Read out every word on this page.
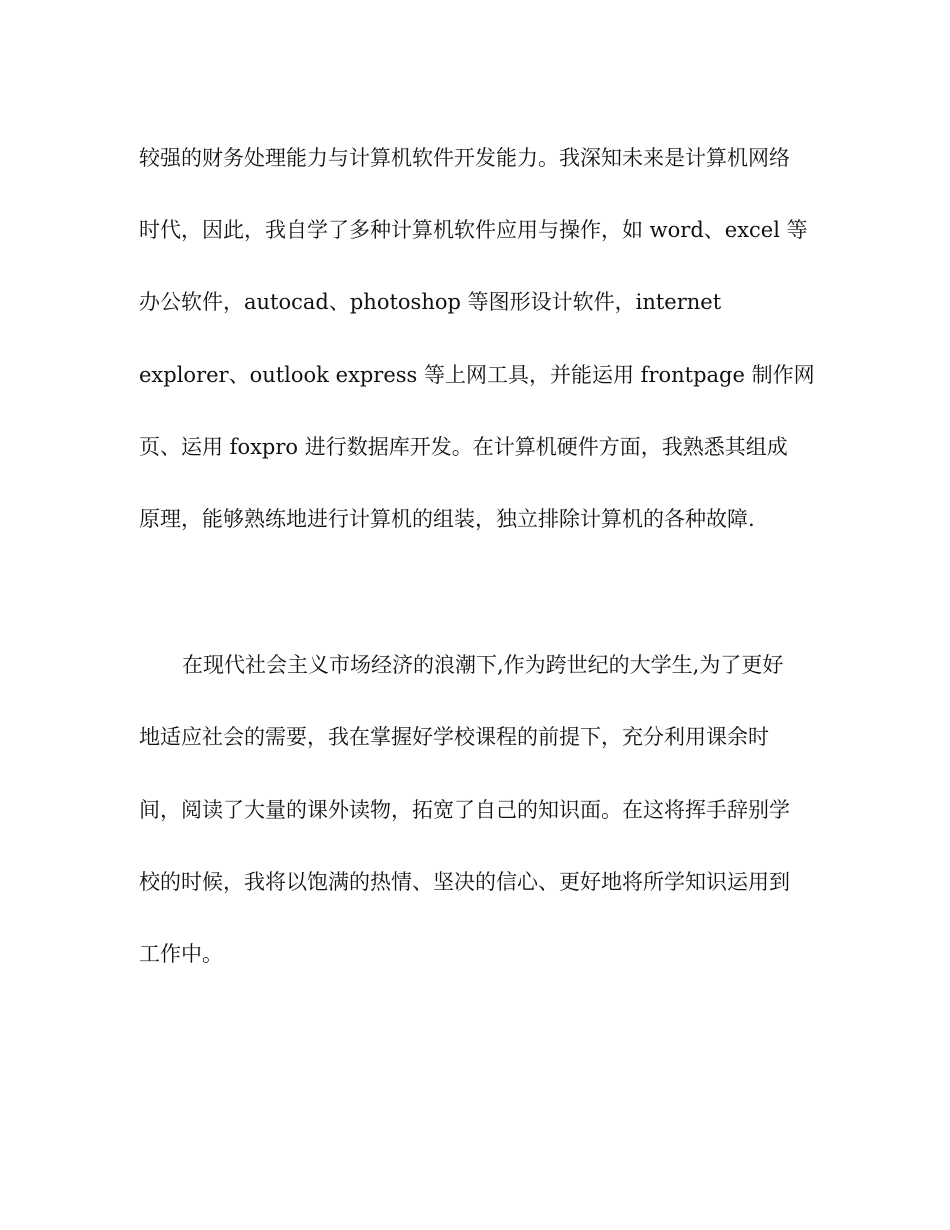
较强的财务处理能力与计算机软件开发能力。我深知未来是计算机网络
时代，因此，我自学了多种计算机软件应用与操作，如 word、excel 等
办公软件，autocad、photoshop 等图形设计软件，internet
explorer、outlook express 等上网工具，并能运用 frontpage 制作网
页、运用 foxpro 进行数据库开发。在计算机硬件方面，我熟悉其组成
原理，能够熟练地进行计算机的组装，独立排除计算机的各种故障.
在现代社会主义市场经济的浪潮下,作为跨世纪的大学生,为了更好
地适应社会的需要，我在掌握好学校课程的前提下，充分利用课余时
间，阅读了大量的课外读物，拓宽了自己的知识面。在这将挥手辞别学
校的时候，我将以饱满的热情、坚决的信心、更好地将所学知识运用到
工作中。
